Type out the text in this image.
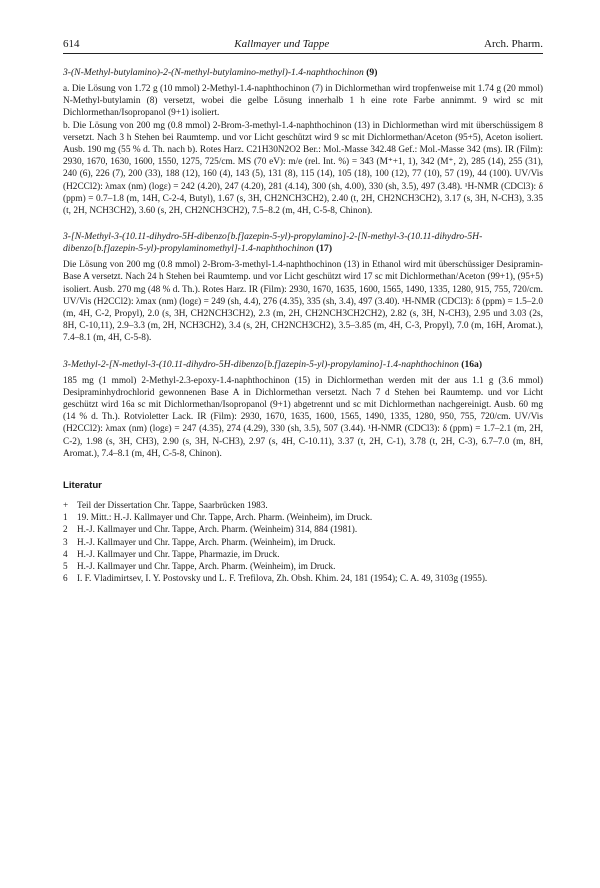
614	Kallmayer und Tappe	Arch. Pharm.

3-(N-Methyl-butylamino)-2-(N-methyl-butylamino-methyl)-1.4-naphthochinon (9)

a. Die Lösung von 1.72 g (10 mmol) 2-Methyl-1.4-naphthochinon (7) in Dichlormethan wird tropfenweise mit 1.74 g (20 mmol) N-Methyl-butylamin (8) versetzt, wobei die gelbe Lösung innerhalb 1 h eine rote Farbe annimmt. 9 wird sc mit Dichlormethan/Isopropanol (9+1) isoliert.

b. Die Lösung von 200 mg (0.8 mmol) 2-Brom-3-methyl-1.4-naphthochinon (13) in Dichlormethan wird mit überschüssigem 8 versetzt. Nach 3 h Stehen bei Raumtemp. und vor Licht geschützt wird 9 sc mit Dichlormethan/Aceton (95+5), Aceton isoliert. Ausb. 190 mg (55 % d. Th. nach b). Rotes Harz. C21H30N2O2 Ber.: Mol.-Masse 342.48 Gef.: Mol.-Masse 342 (ms). IR (Film): 2930, 1670, 1630, 1600, 1550, 1275, 725/cm. MS (70 eV): m/e (rel. Int. %) = 343 (M⁺+1, 1), 342 (M⁺, 2), 285 (14), 255 (31), 240 (6), 226 (7), 200 (33), 188 (12), 160 (4), 143 (5), 131 (8), 115 (14), 105 (18), 100 (12), 77 (10), 57 (19), 44 (100). UV/Vis (H2CCl2): λmax (nm) (logε) = 242 (4.20), 247 (4.20), 281 (4.14), 300 (sh, 4.00), 330 (sh, 3.5), 497 (3.48). ¹H-NMR (CDCl3): δ (ppm) = 0.7–1.8 (m, 14H, C-2-4, Butyl), 1.67 (s, 3H, CH2NCH3CH2), 2.40 (t, 2H, CH2NCH3CH2), 3.17 (s, 3H, N-CH3), 3.35 (t, 2H, NCH3CH2), 3.60 (s, 2H, CH2NCH3CH2), 7.5–8.2 (m, 4H, C-5-8, Chinon).

3-[N-Methyl-3-(10.11-dihydro-5H-dibenzo[b.f]azepin-5-yl)-propylamino]-2-[N-methyl-3-(10.11-dihydro-5H-dibenzo[b.f]azepin-5-yl)-propylaminomethyl]-1.4-naphthochinon (17)

Die Lösung von 200 mg (0.8 mmol) 2-Brom-3-methyl-1.4-naphthochinon (13) in Ethanol wird mit überschüssiger Desipramin-Base A versetzt. Nach 24 h Stehen bei Raumtemp. und vor Licht geschützt wird 17 sc mit Dichlormethan/Aceton (99+1), (95+5) isoliert. Ausb. 270 mg (48 % d. Th.). Rotes Harz. IR (Film): 2930, 1670, 1635, 1600, 1565, 1490, 1335, 1280, 915, 755, 720/cm. UV/Vis (H2CCl2): λmax (nm) (logε) = 249 (sh, 4.4), 276 (4.35), 335 (sh, 3.4), 497 (3.40). ¹H-NMR (CDCl3): δ (ppm) = 1.5–2.0 (m, 4H, C-2, Propyl), 2.0 (s, 3H, CH2NCH3CH2), 2.3 (m, 2H, CH2NCH3CH2CH2), 2.82 (s, 3H, N-CH3), 2.95 und 3.03 (2s, 8H, C-10,11), 2.9–3.3 (m, 2H, NCH3CH2), 3.4 (s, 2H, CH2NCH3CH2), 3.5–3.85 (m, 4H, C-3, Propyl), 7.0 (m, 16H, Aromat.), 7.4–8.1 (m, 4H, C-5-8).

3-Methyl-2-[N-methyl-3-(10.11-dihydro-5H-dibenzo[b.f]azepin-5-yl)-propylamino]-1.4-naphthochinon (16a)

185 mg (1 mmol) 2-Methyl-2.3-epoxy-1.4-naphthochinon (15) in Dichlormethan werden mit der aus 1.1 g (3.6 mmol) Desipraminhydrochlorid gewonnenen Base A in Dichlormethan versetzt. Nach 7 d Stehen bei Raumtemp. und vor Licht geschützt wird 16a sc mit Dichlormethan/Isopropanol (9+1) abgetrennt und sc mit Dichlormethan nachgereinigt. Ausb. 60 mg (14 % d. Th.). Rotvioletter Lack. IR (Film): 2930, 1670, 1635, 1600, 1565, 1490, 1335, 1280, 950, 755, 720/cm. UV/Vis (H2CCl2): λmax (nm) (logε) = 247 (4.35), 274 (4.29), 330 (sh, 3.5), 507 (3.44). ¹H-NMR (CDCl3): δ (ppm) = 1.7–2.1 (m, 2H, C-2), 1.98 (s, 3H, CH3), 2.90 (s, 3H, N-CH3), 2.97 (s, 4H, C-10.11), 3.37 (t, 2H, C-1), 3.78 (t, 2H, C-3), 6.7–7.0 (m, 8H, Aromat.), 7.4–8.1 (m, 4H, C-5-8, Chinon).

Literatur
+ Teil der Dissertation Chr. Tappe, Saarbrücken 1983.
1	19. Mitt.: H.-J. Kallmayer und Chr. Tappe, Arch. Pharm. (Weinheim), im Druck.
2	H.-J. Kallmayer und Chr. Tappe, Arch. Pharm. (Weinheim) 314, 884 (1981).
3	H.-J. Kallmayer und Chr. Tappe, Arch. Pharm. (Weinheim), im Druck.
4	H.-J. Kallmayer und Chr. Tappe, Pharmazie, im Druck.
5	H.-J. Kallmayer und Chr. Tappe, Arch. Pharm. (Weinheim), im Druck.
6	I. F. Vladimirtsev, I. Y. Postovsky und L. F. Trefilova, Zh. Obsh. Khim. 24, 181 (1954); C. A. 49, 3103g (1955).
